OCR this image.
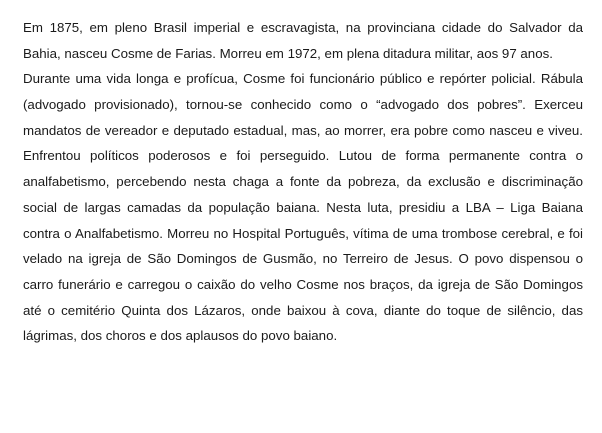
Em 1875, em pleno Brasil imperial e escravagista, na provinciana cidade do Salvador da
Bahia, nasceu Cosme de Farias. Morreu em 1972, em plena ditadura militar, aos 97 anos.

Durante uma vida longa e profícua, Cosme foi funcionário público e repórter policial. Rábula
(advogado provisionado), tornou-se conhecido como o “advogado dos pobres”. Exerceu
mandatos de vereador e deputado estadual, mas, ao morrer, era pobre como nasceu e viveu.
Enfrentou políticos poderosos e foi perseguido. Lutou de forma permanente contra o
analfabetismo, percebendo nesta chaga a fonte da pobreza, da exclusão e discriminação
social de largas camadas da população baiana. Nesta luta, presidiu a LBA – Liga Baiana
contra o Analfabetismo. Morreu no Hospital Português, vítima de uma trombose cerebral, e foi
velado na igreja de São Domingos de Gusmão, no Terreiro de Jesus. O povo dispensou o
carro funerário e carregou o caixão do velho Cosme nos braços, da igreja de São Domingos
até o cemitério Quinta dos Lázaros, onde baixou à cova, diante do toque de silêncio, das
lágrimas, dos choros e dos aplausos do povo baiano.
